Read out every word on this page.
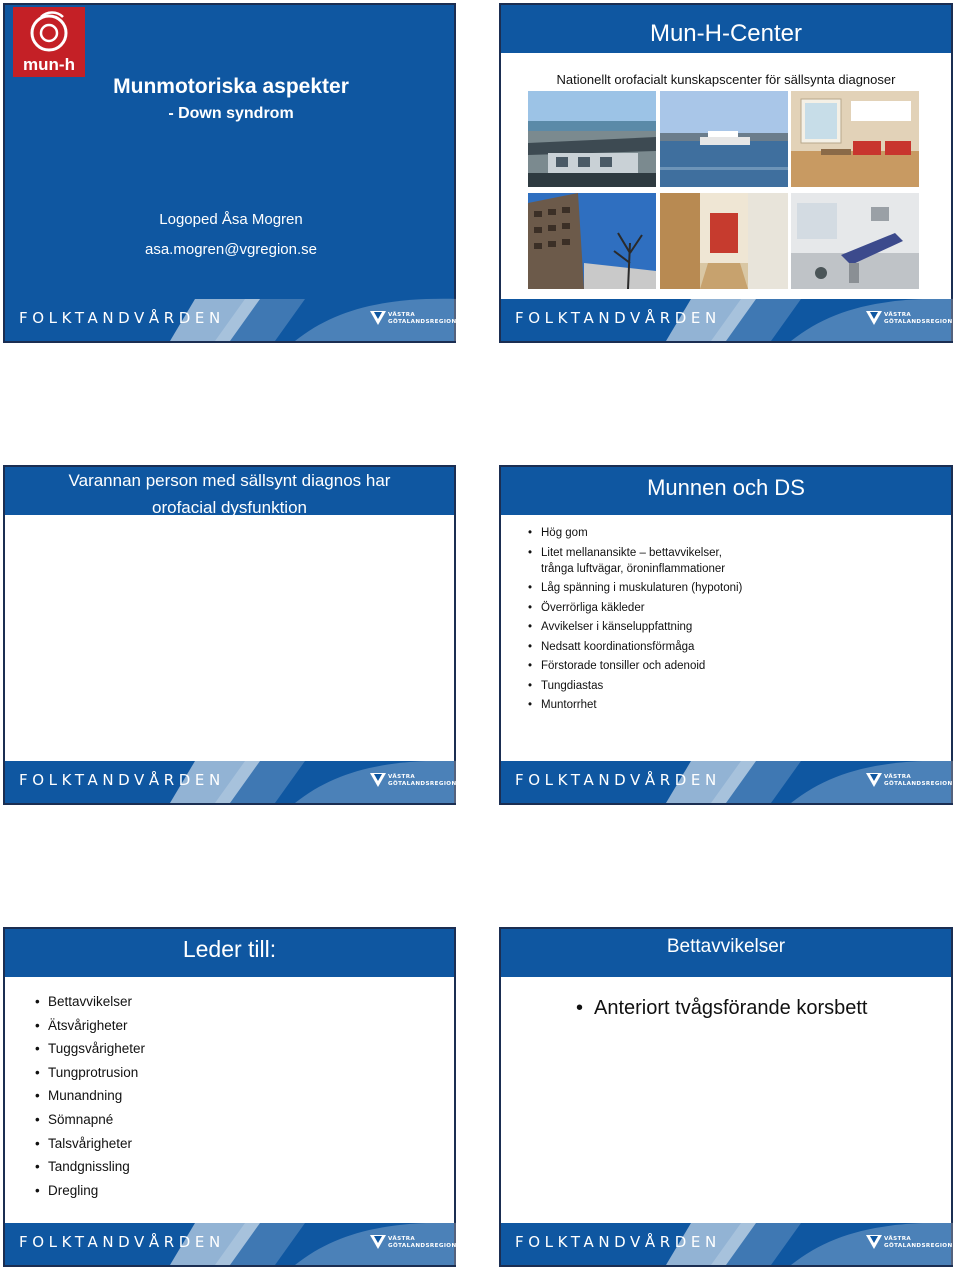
mun-h
Munmotoriska aspekter
- Down syndrom
Logoped Åsa Mogren
asa.mogren@vgregion.se
FOLKTANDVÅRDEN	VÄSTRA
GÖTALANDSREGIONEN
Mun-H-Center
Nationellt orofacialt kunskapscenter för sällsynta diagnoser
FOLKTANDVÅRDEN	VÄSTRA
GÖTALANDSREGIONEN
Varannan person med sällsynt diagnos har
orofacial dysfunktion
FOLKTANDVÅRDEN	VÄSTRA
GÖTALANDSREGIONEN
Munnen och DS
• Hög gom
• Litet mellanansikte – bettavvikelser,
trånga luftvägar, öroninflammationer
• Låg spänning i muskulaturen (hypotoni)
• Överrörliga käkleder
• Avvikelser i känseluppfattning
• Nedsatt koordinationsförmåga
• Förstorade tonsiller och adenoid
• Tungdiastas
• Muntorrhet
FOLKTANDVÅRDEN	VÄSTRA
GÖTALANDSREGIONEN
Leder till:
• Bettavvikelser
• Ätsvårigheter
• Tuggsvårigheter
• Tungprotrusion
• Munandning
• Sömnapné
• Talsvårigheter
• Tandgnissling
• Dregling
FOLKTANDVÅRDEN	VÄSTRA
GÖTALANDSREGIONEN
Bettavvikelser
• Anteriort tvågsförande korsbett
FOLKTANDVÅRDEN	VÄSTRA
GÖTALANDSREGIONEN
